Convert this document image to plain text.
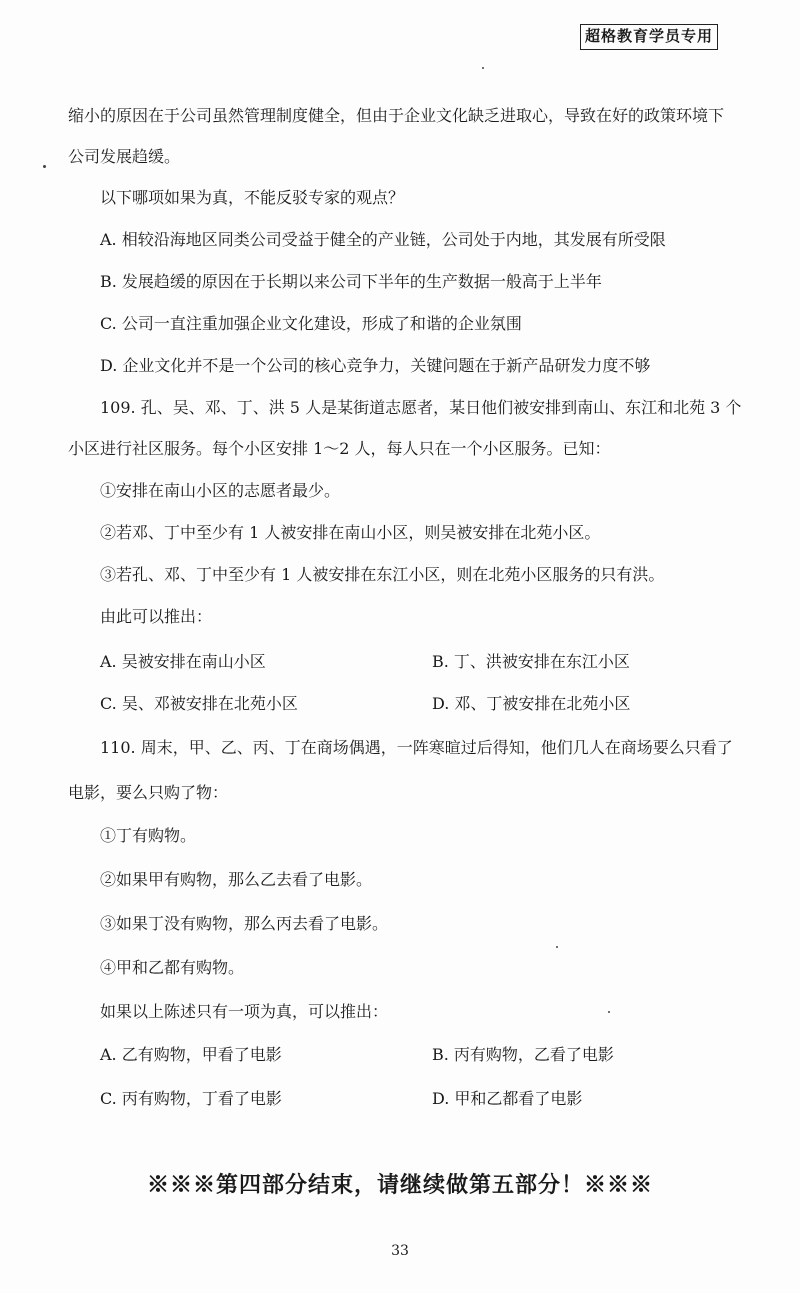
超格教育学员专用
缩小的原因在于公司虽然管理制度健全，但由于企业文化缺乏进取心，导致在好的政策环境下
公司发展趋缓。
以下哪项如果为真，不能反驳专家的观点？
A. 相较沿海地区同类公司受益于健全的产业链，公司处于内地，其发展有所受限
B. 发展趋缓的原因在于长期以来公司下半年的生产数据一般高于上半年
C. 公司一直注重加强企业文化建设，形成了和谐的企业氛围
D. 企业文化并不是一个公司的核心竞争力，关键问题在于新产品研发力度不够
109. 孔、吴、邓、丁、洪 5 人是某街道志愿者，某日他们被安排到南山、东江和北苑 3 个
小区进行社区服务。每个小区安排 1～2 人，每人只在一个小区服务。已知：
①安排在南山小区的志愿者最少。
②若邓、丁中至少有 1 人被安排在南山小区，则吴被安排在北苑小区。
③若孔、邓、丁中至少有 1 人被安排在东江小区，则在北苑小区服务的只有洪。
由此可以推出：
A. 吴被安排在南山小区	B. 丁、洪被安排在东江小区
C. 吴、邓被安排在北苑小区	D. 邓、丁被安排在北苑小区
110. 周末，甲、乙、丙、丁在商场偶遇，一阵寒暄过后得知，他们几人在商场要么只看了
电影，要么只购了物：
①丁有购物。
②如果甲有购物，那么乙去看了电影。
③如果丁没有购物，那么丙去看了电影。
④甲和乙都有购物。
如果以上陈述只有一项为真，可以推出：
A. 乙有购物，甲看了电影	B. 丙有购物，乙看了电影
C. 丙有购物，丁看了电影	D. 甲和乙都看了电影
※※※第四部分结束，请继续做第五部分！※※※
33
